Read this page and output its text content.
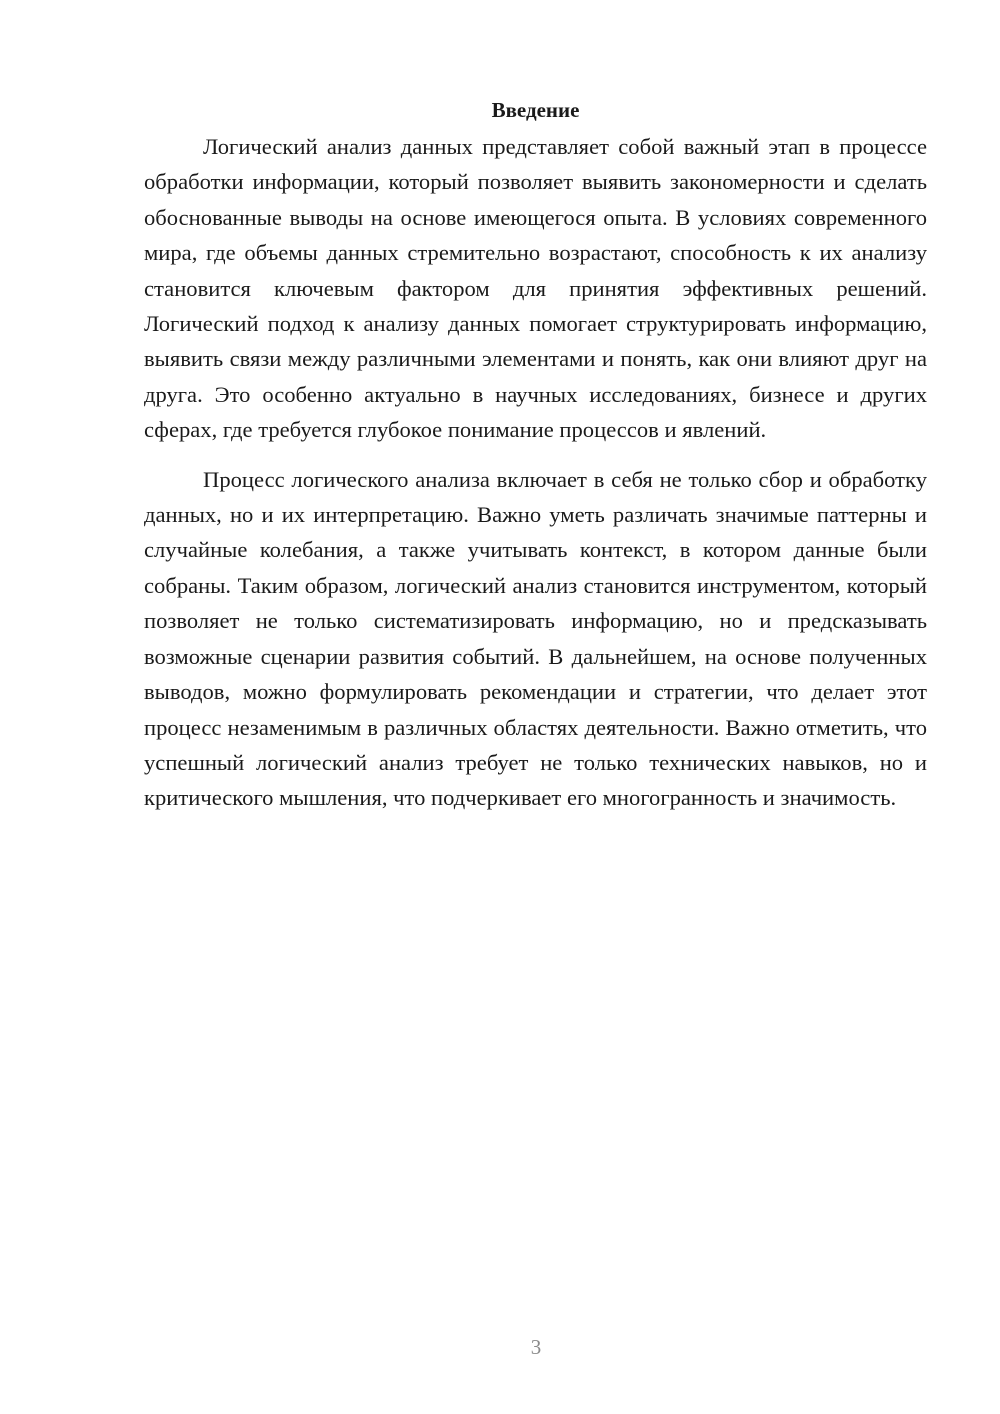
Введение

Логический анализ данных представляет собой важный этап в процессе обработки информации, который позволяет выявить закономерности и сделать обоснованные выводы на основе имеющегося опыта. В условиях современного мира, где объемы данных стремительно возрастают, способность к их анализу становится ключевым фактором для принятия эффективных решений. Логический подход к анализу данных помогает структурировать информацию, выявить связи между различными элементами и понять, как они влияют друг на друга. Это особенно актуально в научных исследованиях, бизнесе и других сферах, где требуется глубокое понимание процессов и явлений.

Процесс логического анализа включает в себя не только сбор и обработку данных, но и их интерпретацию. Важно уметь различать значимые паттерны и случайные колебания, а также учитывать контекст, в котором данные были собраны. Таким образом, логический анализ становится инструментом, который позволяет не только систематизировать информацию, но и предсказывать возможные сценарии развития событий. В дальнейшем, на основе полученных выводов, можно формулировать рекомендации и стратегии, что делает этот процесс незаменимым в различных областях деятельности. Важно отметить, что успешный логический анализ требует не только технических навыков, но и критического мышления, что подчеркивает его многогранность и значимость.

3
